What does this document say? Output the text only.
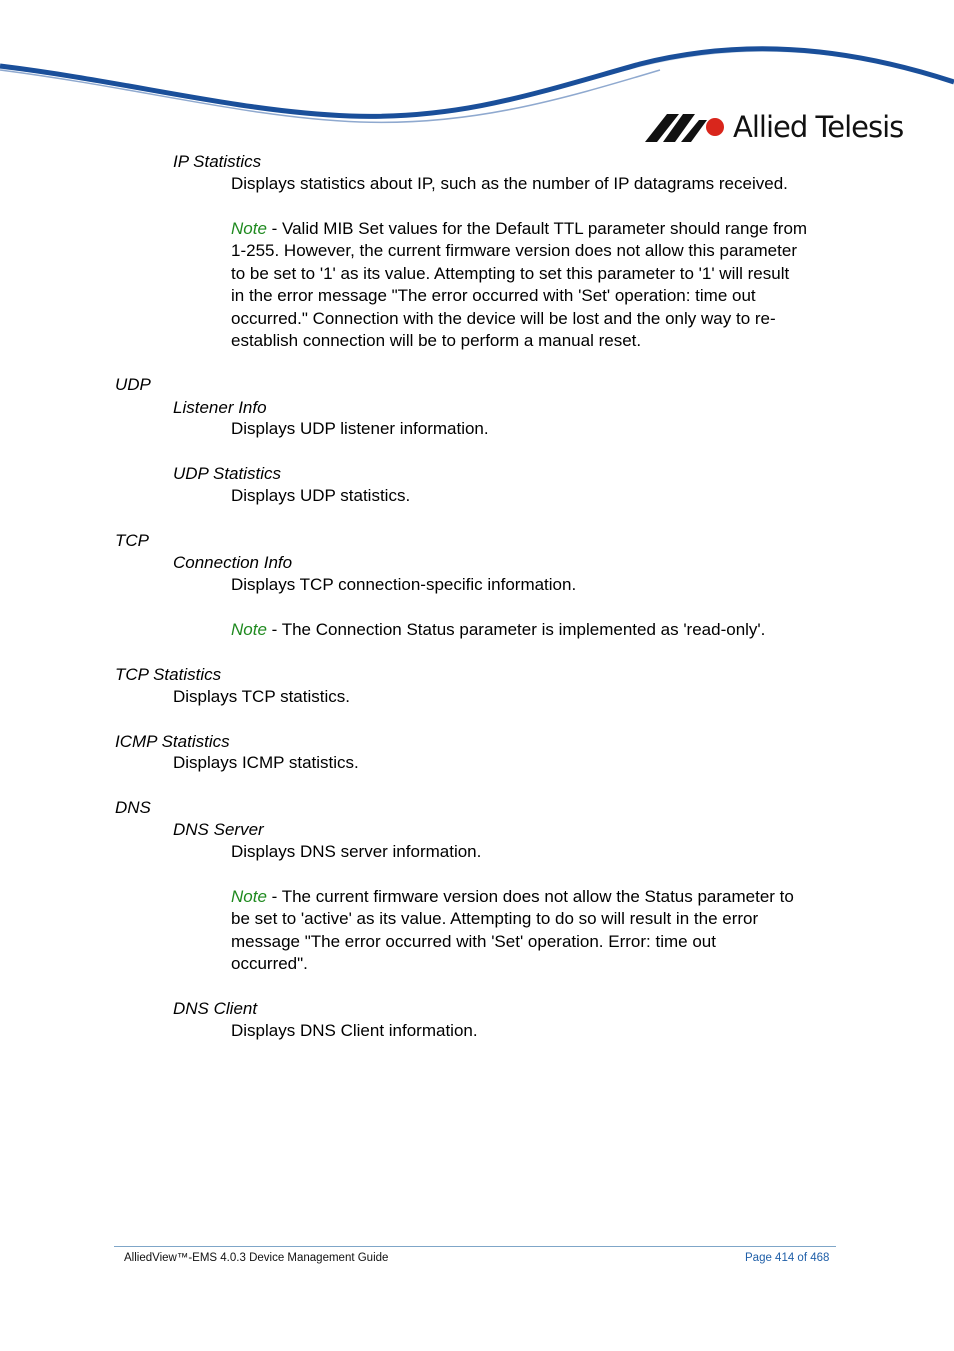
Allied Telesis

IP Statistics

Displays statistics about IP, such as the number of IP datagrams received.

Note - Valid MIB Set values for the Default TTL parameter should range from
1-255. However, the current firmware version does not allow this parameter
to be set to '1' as its value. Attempting to set this parameter to '1' will result
in the error message "The error occurred with 'Set' operation: time out
occurred." Connection with the device will be lost and the only way to re-
establish connection will be to perform a manual reset.

UDP

Listener Info

Displays UDP listener information.

UDP Statistics

Displays UDP statistics.

TCP

Connection Info

Displays TCP connection-specific information.

Note - The Connection Status parameter is implemented as 'read-only'.

TCP Statistics

Displays TCP statistics.

ICMP Statistics

Displays ICMP statistics.

DNS

DNS Server

Displays DNS server information.

Note - The current firmware version does not allow the Status parameter to
be set to 'active' as its value. Attempting to do so will result in the error
message "The error occurred with 'Set' operation. Error: time out
occurred".

DNS Client

Displays DNS Client information.

AlliedView™-EMS 4.0.3 Device Management Guide	Page 414 of 468
